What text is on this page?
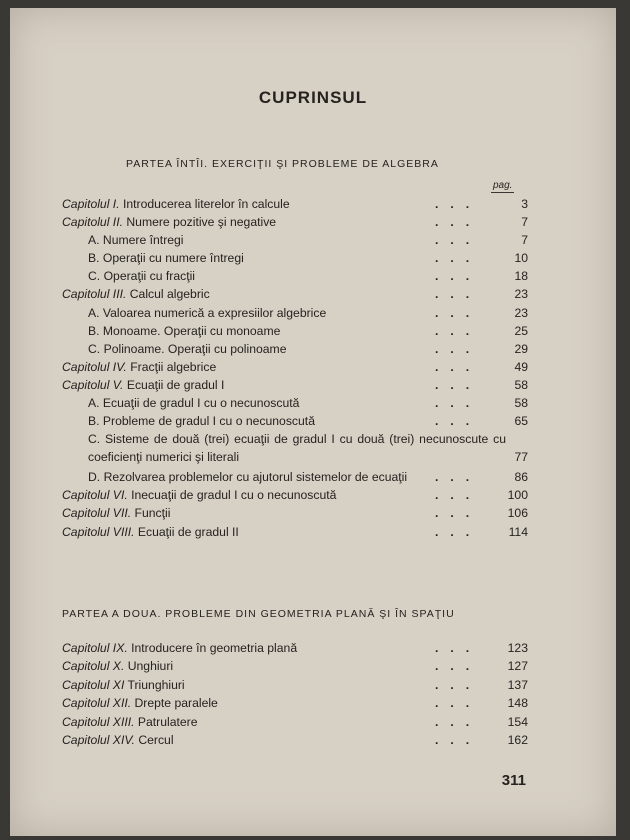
CUPRINSUL
PARTEA ÎNTÎI. EXERCIŢII ŞI PROBLEME DE ALGEBRA
pag.
Capitolul I. Introducerea literelor în calcule	...	3
Capitolul II. Numere pozitive şi negative	...	7
A. Numere întregi	...	7
B. Operaţii cu numere întregi	...	10
C. Operaţii cu fracţii	...	18
Capitolul III. Calcul algebric	...	23
A. Valoarea numerică a expresiilor algebrice	...	23
B. Monoame. Operaţii cu monoame	...	25
C. Polinoame. Operaţii cu polinoame	...	29
Capitolul IV. Fracţii algebrice	...	49
Capitolul V. Ecuaţii de gradul I	...	58
A. Ecuaţii de gradul I cu o necunoscută	...	58
B. Probleme de gradul I cu o necunoscută	...	65
C. Sisteme de două (trei) ecuaţii de gradul I cu două (trei) necunoscute cu coeficienţi numerici şi literali	77
D. Rezolvarea problemelor cu ajutorul sistemelor de ecuaţii	...	86
Capitolul VI. Inecuaţii de gradul I cu o necunoscută	... 100
Capitolul VII. Funcţii	... 106
Capitolul VIII. Ecuaţii de gradul II	... 114
PARTEA A DOUA. PROBLEME DIN GEOMETRIA PLANĂ ŞI ÎN SPAŢIU
Capitolul IX. Introducere în geometria plană	... 123
Capitolul X. Unghiuri	... 127
Capitolul XI Triunghiuri	... 137
Capitolul XII. Drepte paralele	... 148
Capitolul XIII. Patrulatere	... 154
Capitolul XIV. Cercul	... 162
311
